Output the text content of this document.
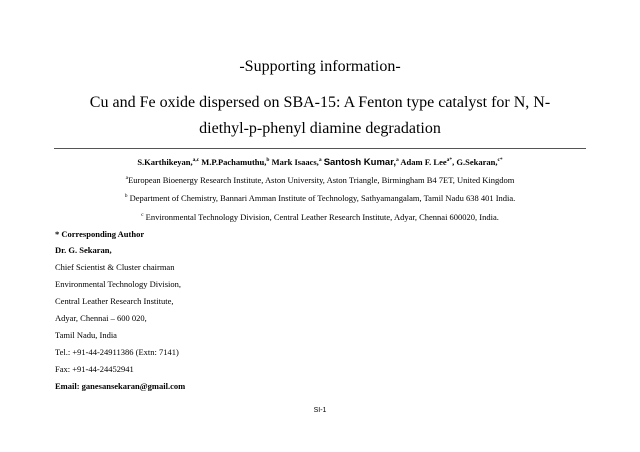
-Supporting information-
Cu and Fe oxide dispersed on SBA-15: A Fenton type catalyst for N, N-
diethyl-p-phenyl diamine degradation
S.Karthikeyan,$^{a,c}$ M.P.Pachamuthu,$^b$ Mark Isaacs,$^a$ Santosh Kumar,$^a$ Adam F. Lee$^{a*}$, G.Sekaran,$^{c*}$
$^a$European Bioenergy Research Institute, Aston University, Aston Triangle, Birmingham B4 7ET, United Kingdom
$^b$ Department of Chemistry, Bannari Amman Institute of Technology, Sathyamangalam, Tamil Nadu 638 401 India.
$^c$ Environmental Technology Division, Central Leather Research Institute, Adyar, Chennai 600020, India.
* Corresponding Author
Dr. G. Sekaran,
Chief Scientist & Cluster chairman
Environmental Technology Division,
Central Leather Research Institute,
Adyar, Chennai – 600 020,
Tamil Nadu, India
Tel.: +91-44-24911386 (Extn: 7141)
Fax: +91-44-24452941
Email: ganesansekaran@gmail.com
SI-1
